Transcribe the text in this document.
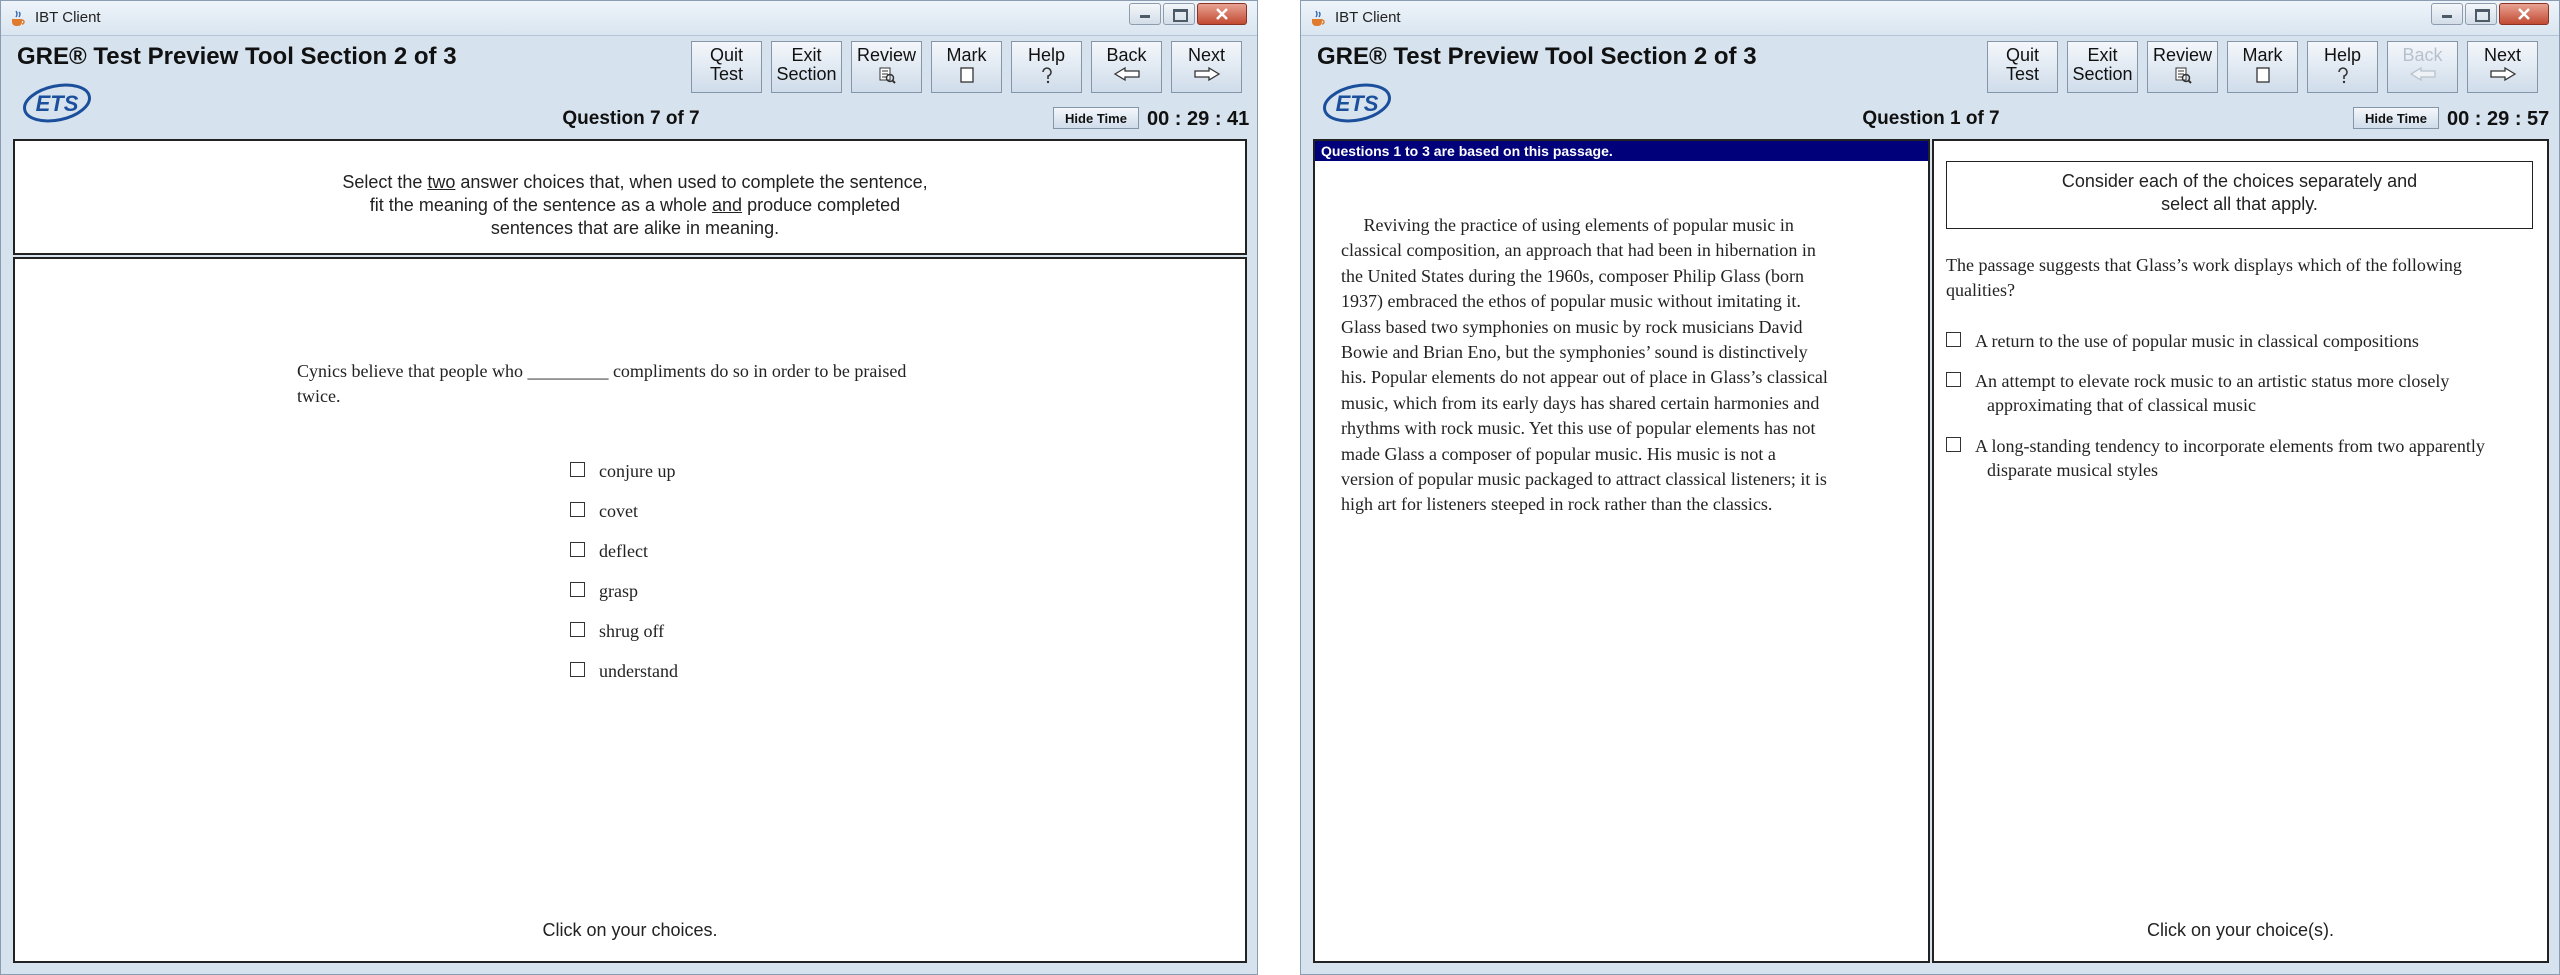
IBT Client
GRE® Test Preview Tool Section 2 of 3
ETS
Quit
Test
Exit
Section
Review	Mark	Help	Back	Next
Question 7 of 7	Hide Time	00 : 29 : 41
Select the two answer choices that, when used to complete the sentence, fit the meaning of the sentence as a whole and produce completed sentences that are alike in meaning.
Cynics believe that people who _________ compliments do so in order to be praised twice.
conjure up
covet
deflect
grasp
shrug off
understand
Click on your choices.
IBT Client
GRE® Test Preview Tool Section 2 of 3
ETS
Quit
Test
Exit
Section
Review	Mark	Help	Back	Next
Question 1 of 7	Hide Time	00 : 29 : 57
Questions 1 to 3 are based on this passage.
Reviving the practice of using elements of popular music in
classical composition, an approach that had been in hibernation in
the United States during the 1960s, composer Philip Glass (born
1937) embraced the ethos of popular music without imitating it.
Glass based two symphonies on music by rock musicians David
Bowie and Brian Eno, but the symphonies’ sound is distinctively
his. Popular elements do not appear out of place in Glass’s classical
music, which from its early days has shared certain harmonies and
rhythms with rock music. Yet this use of popular elements has not
made Glass a composer of popular music. His music is not a
version of popular music packaged to attract classical listeners; it is
high art for listeners steeped in rock rather than the classics.
Consider each of the choices separately and select all that apply.
The passage suggests that Glass’s work displays which of the following qualities?
A return to the use of popular music in classical compositions
An attempt to elevate rock music to an artistic status more closely approximating that of classical music
A long-standing tendency to incorporate elements from two apparently disparate musical styles
Click on your choice(s).
